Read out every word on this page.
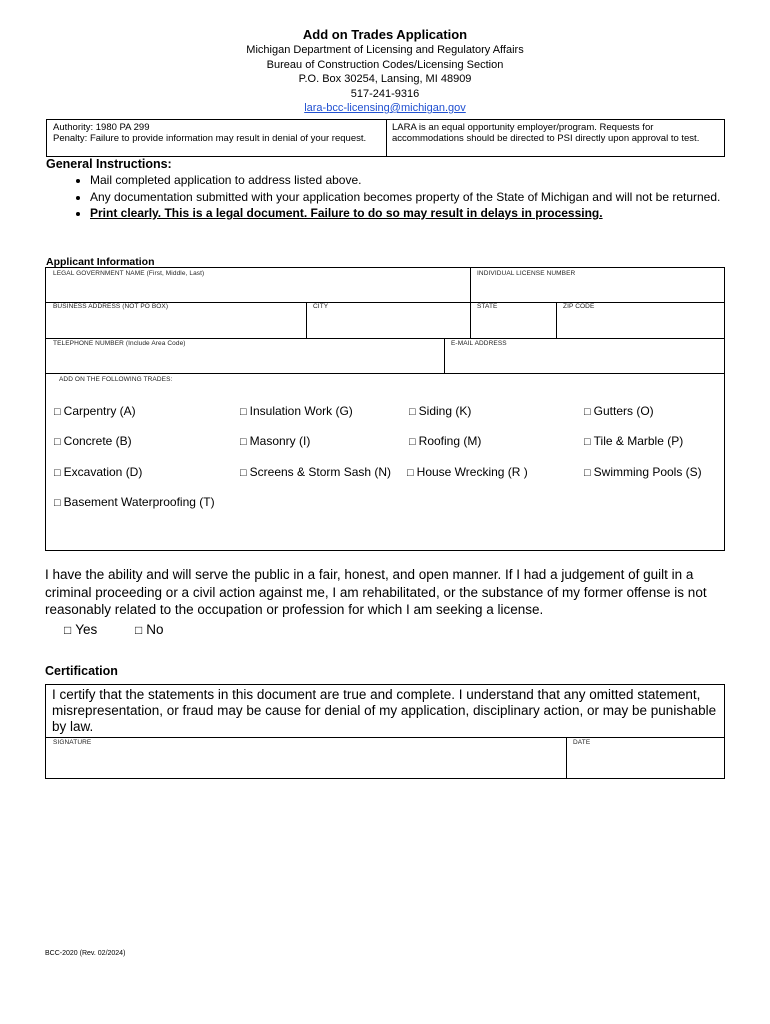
Add on Trades Application
Michigan Department of Licensing and Regulatory Affairs
Bureau of Construction Codes/Licensing Section
P.O. Box 30254, Lansing, MI 48909
517-241-9316
lara-bcc-licensing@michigan.gov
Authority: 1980 PA 299
Penalty: Failure to provide information may result in denial of your request.
LARA is an equal opportunity employer/program. Requests for accommodations should be directed to PSI directly upon approval to test.
General Instructions:
• Mail completed application to address listed above.
• Any documentation submitted with your application becomes property of the State of Michigan and will not be returned.
• Print clearly. This is a legal document. Failure to do so may result in delays in processing.
Applicant Information
LEGAL GOVERNMENT NAME (First, Middle, Last)	INDIVIDUAL LICENSE NUMBER
BUSINESS ADDRESS (NOT PO BOX)	CITY	STATE	ZIP CODE
TELEPHONE NUMBER (Include Area Code)	E-MAIL ADDRESS
ADD ON THE FOLLOWING TRADES:
□ Carpentry (A)	□ Insulation Work (G)	□ Siding (K)	□ Gutters (O)
□ Concrete (B)	□ Masonry (I)	□ Roofing (M)	□ Tile & Marble (P)
□ Excavation (D)	□ Screens & Storm Sash (N) □ House Wrecking (R )	□ Swimming Pools (S)
□ Basement Waterproofing (T)
I have the ability and will serve the public in a fair, honest, and open manner. If I had a judgement of guilt in a criminal proceeding or a civil action against me, I am rehabilitated, or the substance of my former offense is not reasonably related to the occupation or profession for which I am seeking a license.
□ Yes	□ No
Certification
I certify that the statements in this document are true and complete. I understand that any omitted statement, misrepresentation, or fraud may be cause for denial of my application, disciplinary action, or may be punishable by law.
SIGNATURE	DATE
BCC-2020 (Rev. 02/2024)
